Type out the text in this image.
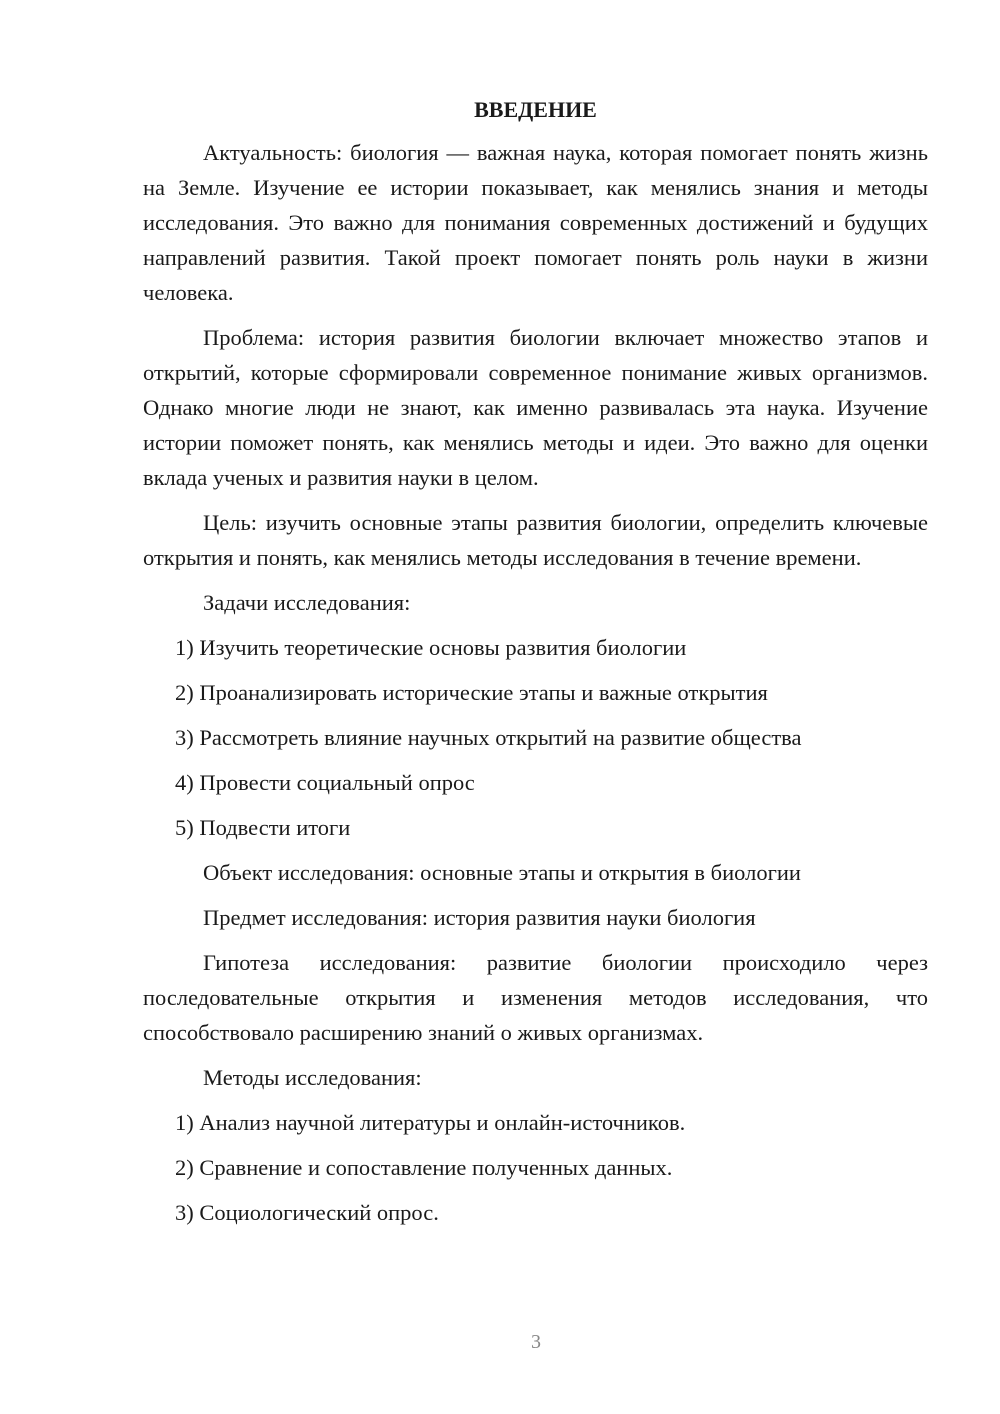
ВВЕДЕНИЕ

Актуальность: биология — важная наука, которая помогает понять жизнь на Земле. Изучение ее истории показывает, как менялись знания и методы исследования. Это важно для понимания современных достижений и будущих направлений развития. Такой проект помогает понять роль науки в жизни человека.

Проблема: история развития биологии включает множество этапов и открытий, которые сформировали современное понимание живых организмов. Однако многие люди не знают, как именно развивалась эта наука. Изучение истории поможет понять, как менялись методы и идеи. Это важно для оценки вклада ученых и развития науки в целом.

Цель: изучить основные этапы развития биологии, определить ключевые открытия и понять, как менялись методы исследования в течение времени.

Задачи исследования:
1) Изучить теоретические основы развития биологии
2) Проанализировать исторические этапы и важные открытия
3) Рассмотреть влияние научных открытий на развитие общества
4) Провести социальный опрос
5) Подвести итоги
Объект исследования: основные этапы и открытия в биологии
Предмет исследования: история развития науки биология

Гипотеза исследования: развитие биологии происходило через последовательные открытия и изменения методов исследования, что способствовало расширению знаний о живых организмах.

Методы исследования:
1) Анализ научной литературы и онлайн-источников.
2) Сравнение и сопоставление полученных данных.
3) Социологический опрос.
3
